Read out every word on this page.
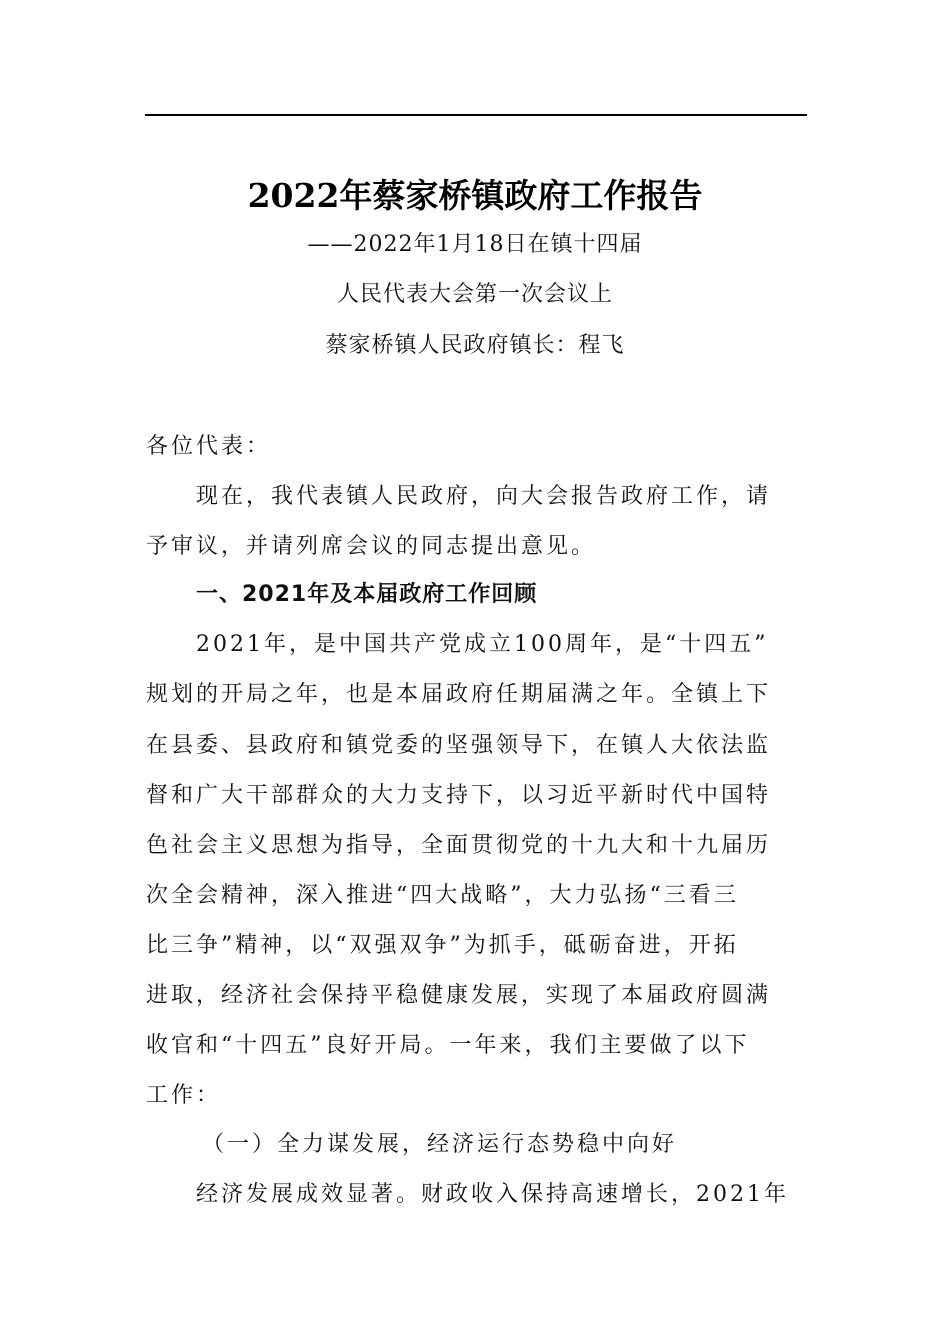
2022年蔡家桥镇政府工作报告
——2022年1月18日在镇十四届
人民代表大会第一次会议上
蔡家桥镇人民政府镇长：程飞
各位代表：
现在，我代表镇人民政府，向大会报告政府工作，请
予审议，并请列席会议的同志提出意见。
一、2021年及本届政府工作回顾
2021年，是中国共产党成立100周年，是“十四五”
规划的开局之年，也是本届政府任期届满之年。全镇上下
在县委、县政府和镇党委的坚强领导下，在镇人大依法监
督和广大干部群众的大力支持下，以习近平新时代中国特
色社会主义思想为指导，全面贯彻党的十九大和十九届历
次全会精神，深入推进“四大战略”，大力弘扬“三看三
比三争”精神，以“双强双争”为抓手，砥砺奋进，开拓
进取，经济社会保持平稳健康发展，实现了本届政府圆满
收官和“十四五”良好开局。一年来，我们主要做了以下
工作：
（一）全力谋发展，经济运行态势稳中向好
经济发展成效显著。财政收入保持高速增长，2021年
